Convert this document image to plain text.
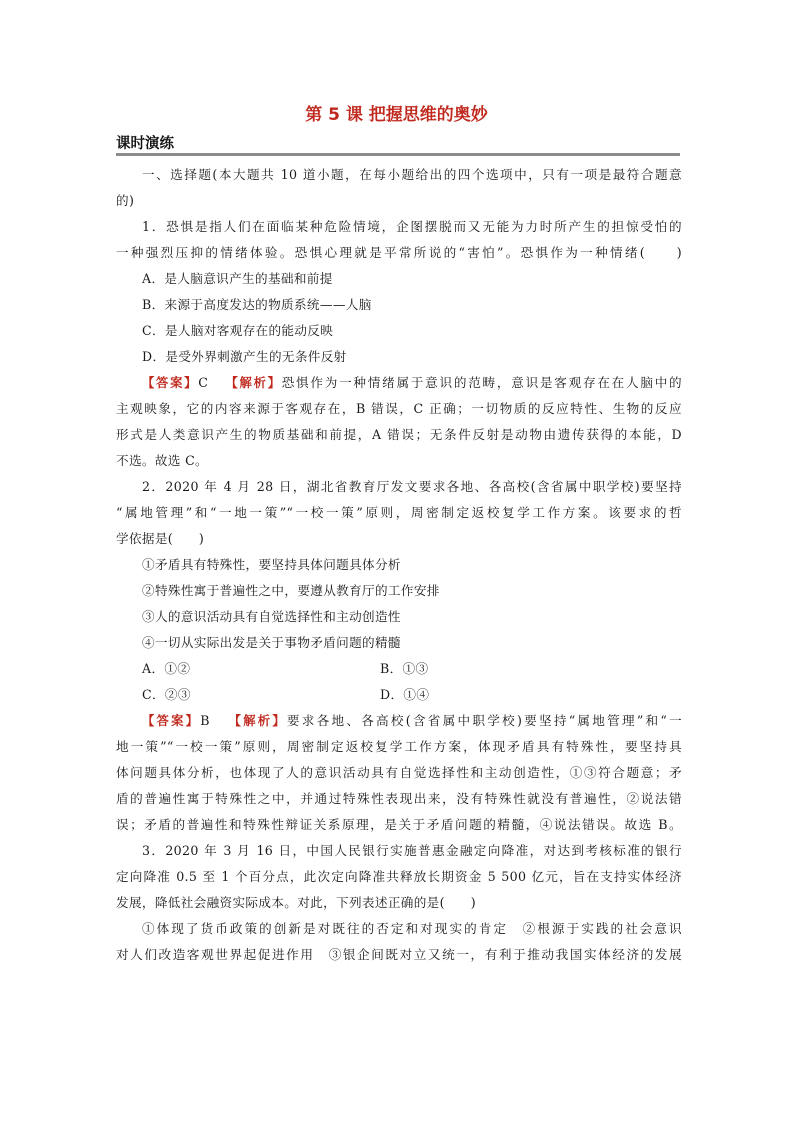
第 5 课 把握思维的奥妙
课时演练
一、选择题(本大题共 10 道小题，在每小题给出的四个选项中，只有一项是最符合题意
的)
1．恐惧是指人们在面临某种危险情境，企图摆脱而又无能为力时所产生的担惊受怕的
一种强烈压抑的情绪体验。恐惧心理就是平常所说的“害怕”。恐惧作为一种情绪(　　)
A．是人脑意识产生的基础和前提
B．来源于高度发达的物质系统——人脑
C．是人脑对客观存在的能动反映
D．是受外界刺激产生的无条件反射
【答案】C 【解析】恐惧作为一种情绪属于意识的范畴，意识是客观存在在人脑中的
主观映象，它的内容来源于客观存在，B 错误，C 正确；一切物质的反应特性、生物的反应
形式是人类意识产生的物质基础和前提，A 错误；无条件反射是动物由遗传获得的本能，D
不选。故选 C。
2．2020 年 4 月 28 日，湖北省教育厅发文要求各地、各高校(含省属中职学校)要坚持
“属地管理”和“一地一策”“一校一策”原则，周密制定返校复学工作方案。该要求的哲
学依据是(　　)
①矛盾具有特殊性，要坚持具体问题具体分析
②特殊性寓于普遍性之中，要遵从教育厅的工作安排
③人的意识活动具有自觉选择性和主动创造性
④一切从实际出发是关于事物矛盾问题的精髓
A．①②	B．①③
C．②③	D．①④
【答案】B 【解析】要求各地、各高校(含省属中职学校)要坚持“属地管理”和“一
地一策”“一校一策”原则，周密制定返校复学工作方案，体现矛盾具有特殊性，要坚持具
体问题具体分析，也体现了人的意识活动具有自觉选择性和主动创造性，①③符合题意；矛
盾的普遍性寓于特殊性之中，并通过特殊性表现出来，没有特殊性就没有普遍性，②说法错
误；矛盾的普遍性和特殊性辩证关系原理，是关于矛盾问题的精髓，④说法错误。故选 B。
3．2020 年 3 月 16 日，中国人民银行实施普惠金融定向降准，对达到考核标准的银行
定向降准 0.5 至 1 个百分点，此次定向降准共释放长期资金 5 500 亿元，旨在支持实体经济
发展，降低社会融资实际成本。对此，下列表述正确的是(　　)
①体现了货币政策的创新是对既往的否定和对现实的肯定　②根源于实践的社会意识
对人们改造客观世界起促进作用　③银企间既对立又统一，有利于推动我国实体经济的发展
